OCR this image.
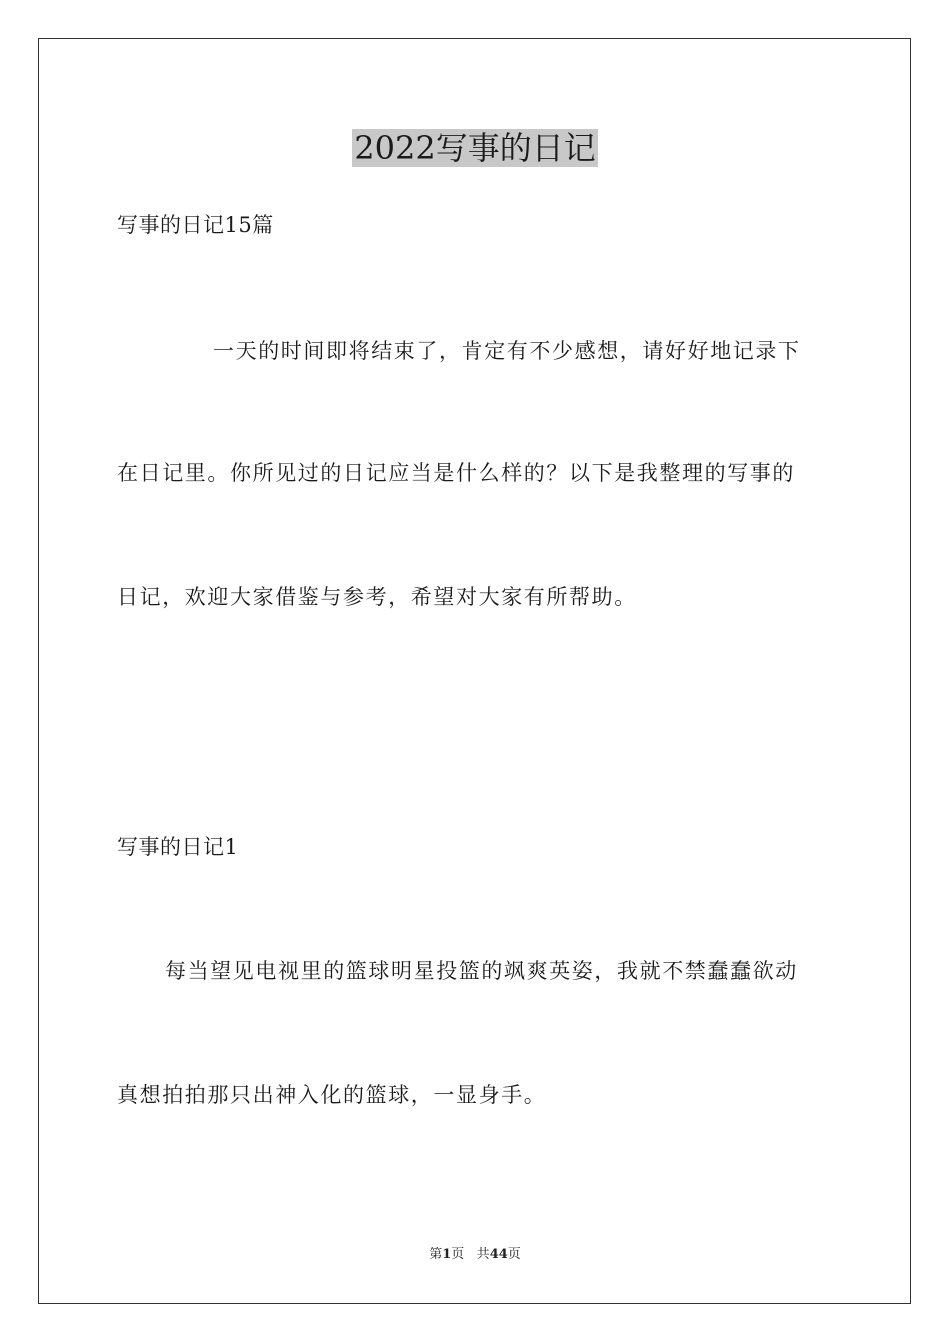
2022写事的日记
写事的日记15篇
一天的时间即将结束了，肯定有不少感想，请好好地记录下
在日记里。你所见过的日记应当是什么样的？以下是我整理的写事的
日记，欢迎大家借鉴与参考，希望对大家有所帮助。
写事的日记1
每当望见电视里的篮球明星投篮的飒爽英姿，我就不禁蠢蠢欲动
真想拍拍那只出神入化的篮球，一显身手。
第1页 共44页
